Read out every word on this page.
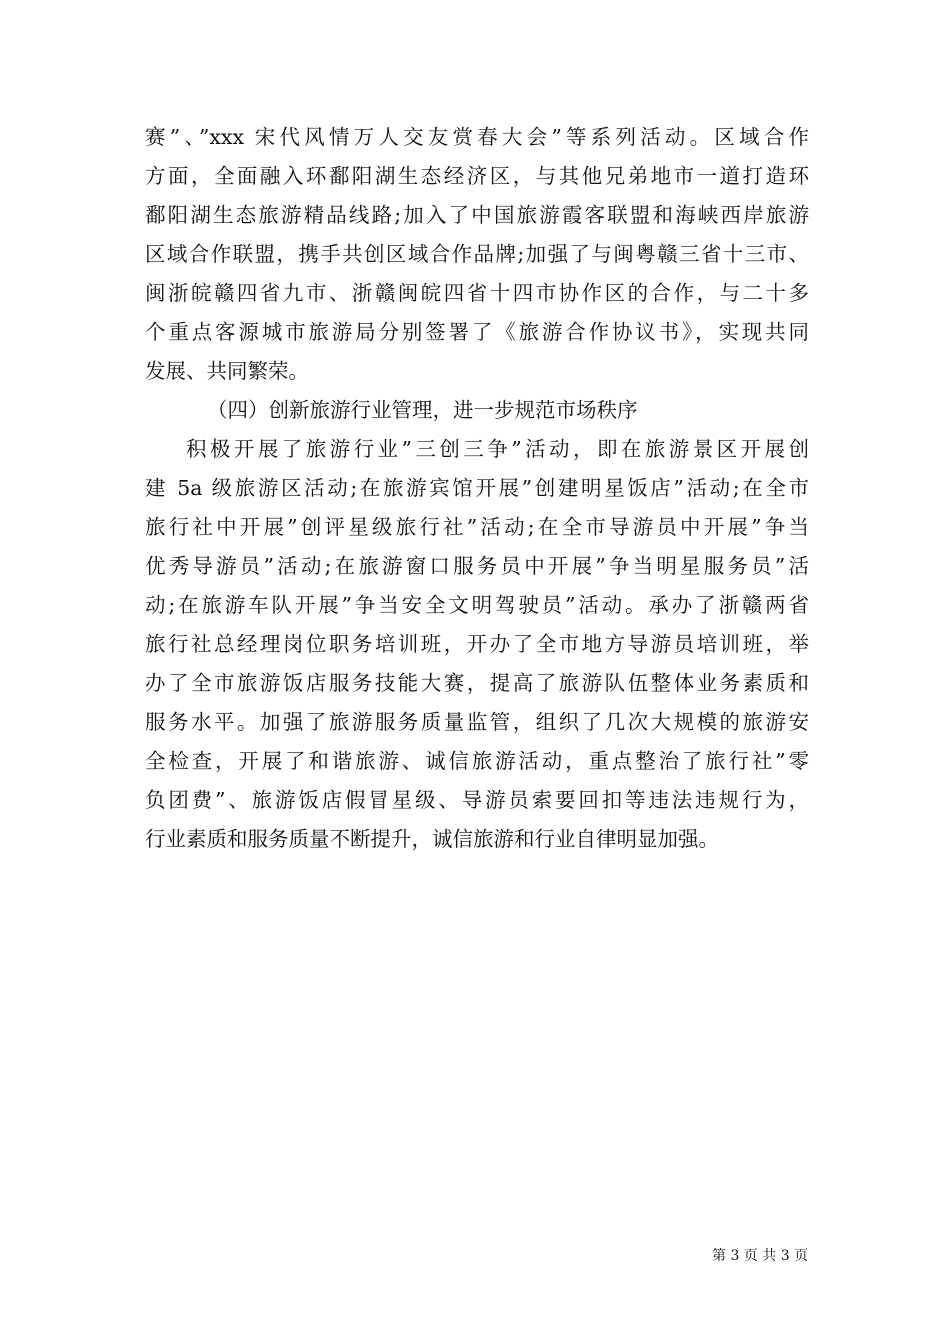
赛”、”xxx 宋代风情万人交友赏春大会”等系列活动。区域合作
方面，全面融入环鄱阳湖生态经济区，与其他兄弟地市一道打造环
鄱阳湖生态旅游精品线路;加入了中国旅游霞客联盟和海峡西岸旅游
区域合作联盟，携手共创区域合作品牌;加强了与闽粤赣三省十三市、
闽浙皖赣四省九市、浙赣闽皖四省十四市协作区的合作，与二十多
个重点客源城市旅游局分别签署了《旅游合作协议书》，实现共同
发展、共同繁荣。
（四）创新旅游行业管理，进一步规范市场秩序
积极开展了旅游行业”三创三争”活动，即在旅游景区开展创
建 5a 级旅游区活动;在旅游宾馆开展”创建明星饭店”活动;在全市
旅行社中开展”创评星级旅行社”活动;在全市导游员中开展”争当
优秀导游员”活动;在旅游窗口服务员中开展”争当明星服务员”活
动;在旅游车队开展”争当安全文明驾驶员”活动。承办了浙赣两省
旅行社总经理岗位职务培训班，开办了全市地方导游员培训班，举
办了全市旅游饭店服务技能大赛，提高了旅游队伍整体业务素质和
服务水平。加强了旅游服务质量监管，组织了几次大规模的旅游安
全检查，开展了和谐旅游、诚信旅游活动，重点整治了旅行社”零
负团费”、旅游饭店假冒星级、导游员索要回扣等违法违规行为，
行业素质和服务质量不断提升，诚信旅游和行业自律明显加强。
第 3 页 共 3 页
